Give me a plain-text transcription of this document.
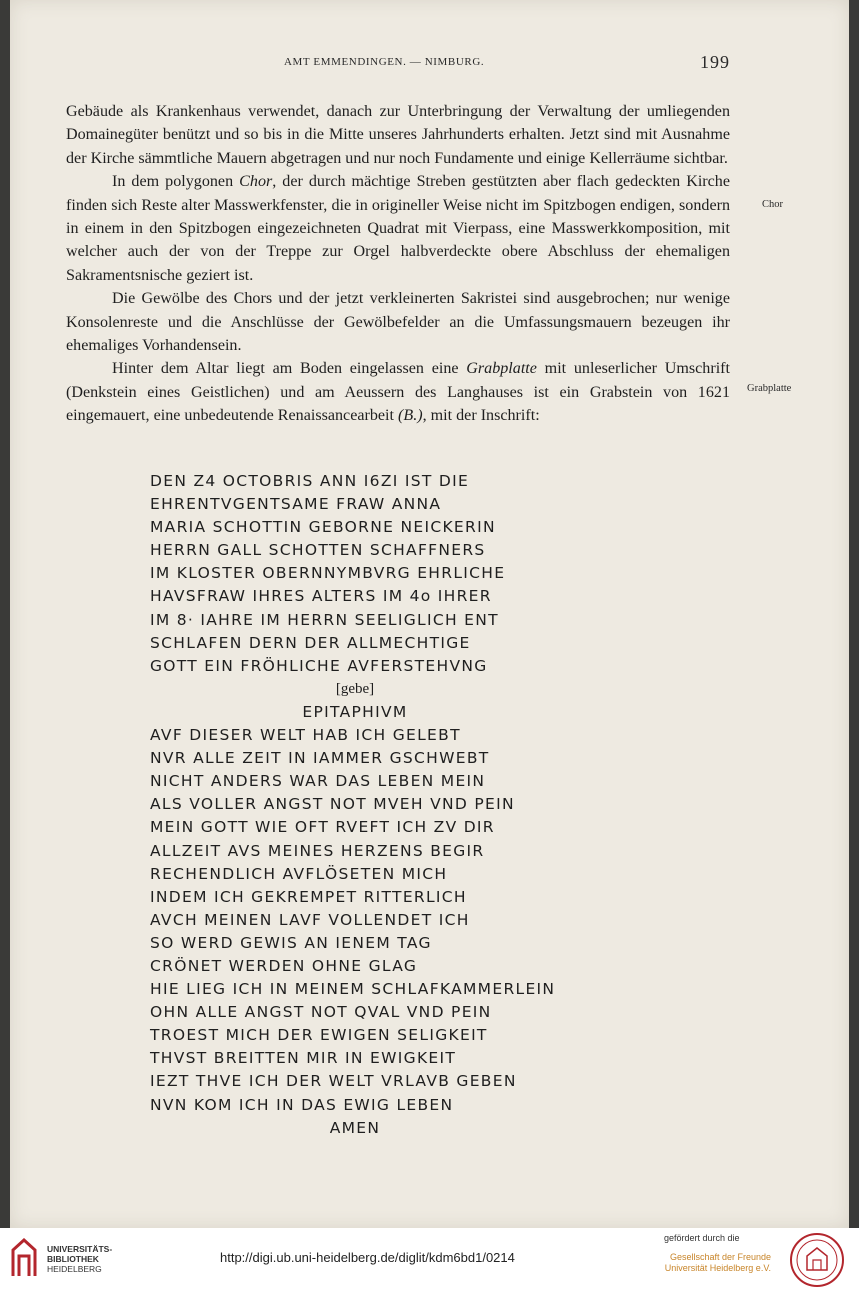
AMT EMMENDINGEN. — NIMBURG.	199

Gebäude als Krankenhaus verwendet, danach zur Unterbringung der Verwaltung der umliegenden Domainegüter benützt und so bis in die Mitte unseres Jahrhunderts erhalten. Jetzt sind mit Ausnahme der Kirche sämmtliche Mauern abgetragen und nur noch Fundamente und einige Kellerräume sichtbar.

In dem polygonen Chor, der durch mächtige Streben gestützten aber flach gedeckten Kirche finden sich Reste alter Masswerkfenster, die in origineller Weise nicht im Spitzbogen endigen, sondern in einem in den Spitzbogen eingezeichneten Quadrat mit Vierpass, eine Masswerkkomposition, mit welcher auch der von der Treppe zur Orgel halbverdeckte obere Abschluss der ehemaligen Sakramentsnische geziert ist.

Die Gewölbe des Chors und der jetzt verkleinerten Sakristei sind ausgebrochen; nur wenige Konsolenreste und die Anschlüsse der Gewölbefelder an die Umfassungsmauern bezeugen ihr ehemaliges Vorhandensein.

Hinter dem Altar liegt am Boden eingelassen eine Grabplatte mit unleserlicher Umschrift (Denkstein eines Geistlichen) und am Aeussern des Langhauses ist ein Grabstein von 1621 eingemauert, eine unbedeutende Renaissancearbeit (B.), mit der Inschrift:

Chor
Grabplatte
DEN Z4 OCTOBRIS ANN I6ZI IST DIE
EHRENTVGENTSAME FRAW ANNA
MARIA SCHOTTIN GEBORNE NEICKERIN
HERRN GALL SCHOTTEN SCHAFFNERS
IM KLOSTER OBERNNYMBVRG EHRLICHE
HAVSFRAW IHRES ALTERS IM 4o IHRER
IM 8· IAHRE IM HERRN SEELIGLICH ENT
SCHLAFEN DERN DER ALLMECHTIGE
GOTT EIN FRÖHLICHE AVFERSTEHVNG
[gebe]
EPITAPHIVM
AVF DIESER WELT HAB ICH GELEBT
NVR ALLE ZEIT IN IAMMER GSCHWEBT
NICHT ANDERS WAR DAS LEBEN MEIN
ALS VOLLER ANGST NOT MVEH VND PEIN
MEIN GOTT WIE OFT RVEFT ICH ZV DIR
ALLZEIT AVS MEINES HERZENS BEGIR
RECHENDLICH AVFLÖSETEN MICH
INDEM ICH GEKREMPET RITTERLICH
AVCH MEINEN LAVF VOLLENDET ICH
SO WERD GEWIS AN IENEM TAG
CRÖNET WERDEN OHNE GLAG
HIE LIEG ICH IN MEINEM SCHLAFKAMMERLEIN
OHN ALLE ANGST NOT QVAL VND PEIN
TROEST MICH DER EWIGEN SELIGKEIT
THVST BREITTEN MIR IN EWIGKEIT
IEZT THVE ICH DER WELT VRLAVB GEBEN
NVN KOM ICH IN DAS EWIG LEBEN
AMEN
UNIVERSITÄTS-
BIBLIOTHEK
HEIDELBERG
http://digi.ub.uni-heidelberg.de/diglit/kdm6bd1/0214
gefördert durch die
Gesellschaft der Freunde
Universität Heidelberg e.V.
